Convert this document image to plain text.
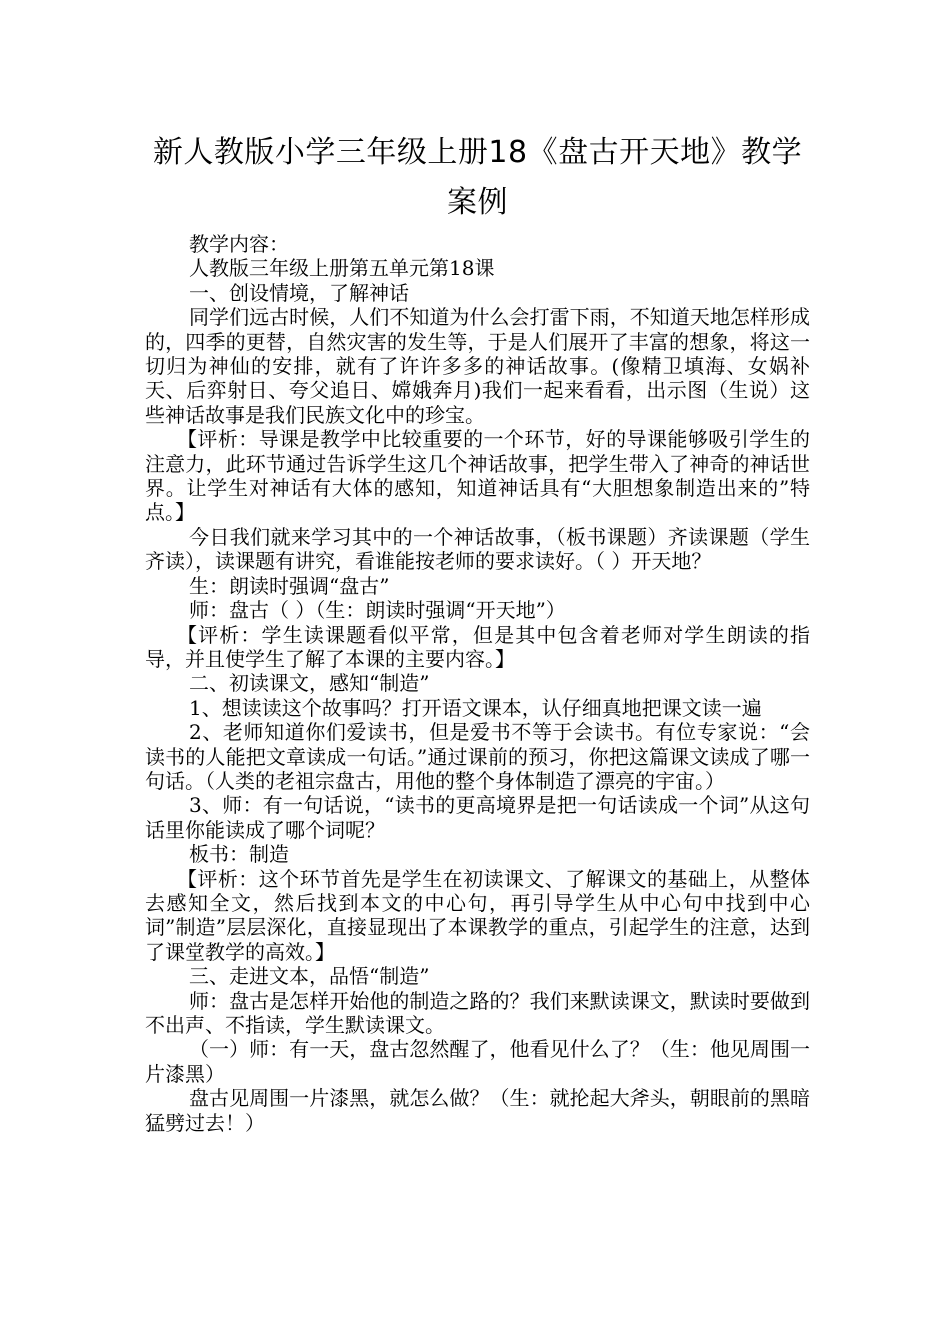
新人教版小学三年级上册18《盘古开天地》教学案例

教学内容：

人教版三年级上册第五单元第18课

一、创设情境，了解神话

同学们远古时候，人们不知道为什么会打雷下雨，不知道天地怎样形成的，四季的更替，自然灾害的发生等，于是人们展开了丰富的想象，将这一切归为神仙的安排，就有了许许多多的神话故事。(像精卫填海、女娲补天、后弈射日、夸父追日、嫦娥奔月)我们一起来看看，出示图（生说）这些神话故事是我们民族文化中的珍宝。

【评析：导课是教学中比较重要的一个环节，好的导课能够吸引学生的注意力，此环节通过告诉学生这几个神话故事，把学生带入了神奇的神话世界。让学生对神话有大体的感知，知道神话具有“大胆想象制造出来的”特点。】

今日我们就来学习其中的一个神话故事，（板书课题）齐读课题（学生齐读），读课题有讲究，看谁能按老师的要求读好。（ ）开天地？

生：朗读时强调“盘古”

师：盘古（ ）（生：朗读时强调“开天地”）

【评析：学生读课题看似平常，但是其中包含着老师对学生朗读的指导，并且使学生了解了本课的主要内容。】

二、初读课文，感知“制造”

1、想读读这个故事吗？打开语文课本，认仔细真地把课文读一遍

2、老师知道你们爱读书，但是爱书不等于会读书。有位专家说：“会读书的人能把文章读成一句话。”通过课前的预习，你把这篇课文读成了哪一句话。（人类的老祖宗盘古，用他的整个身体制造了漂亮的宇宙。）

3、师：有一句话说，“读书的更高境界是把一句话读成一个词”从这句话里你能读成了哪个词呢？

板书：制造

【评析：这个环节首先是学生在初读课文、了解课文的基础上，从整体去感知全文，然后找到本文的中心句，再引导学生从中心句中找到中心词”制造”层层深化，直接显现出了本课教学的重点，引起学生的注意，达到了课堂教学的高效。】

三、走进文本，品悟“制造”

师：盘古是怎样开始他的制造之路的？我们来默读课文，默读时要做到不出声、不指读，学生默读课文。

（一）师：有一天，盘古忽然醒了，他看见什么了？（生：他见周围一片漆黑）

盘古见周围一片漆黑，就怎么做？（生：就抡起大斧头，朝眼前的黑暗猛劈过去！）
